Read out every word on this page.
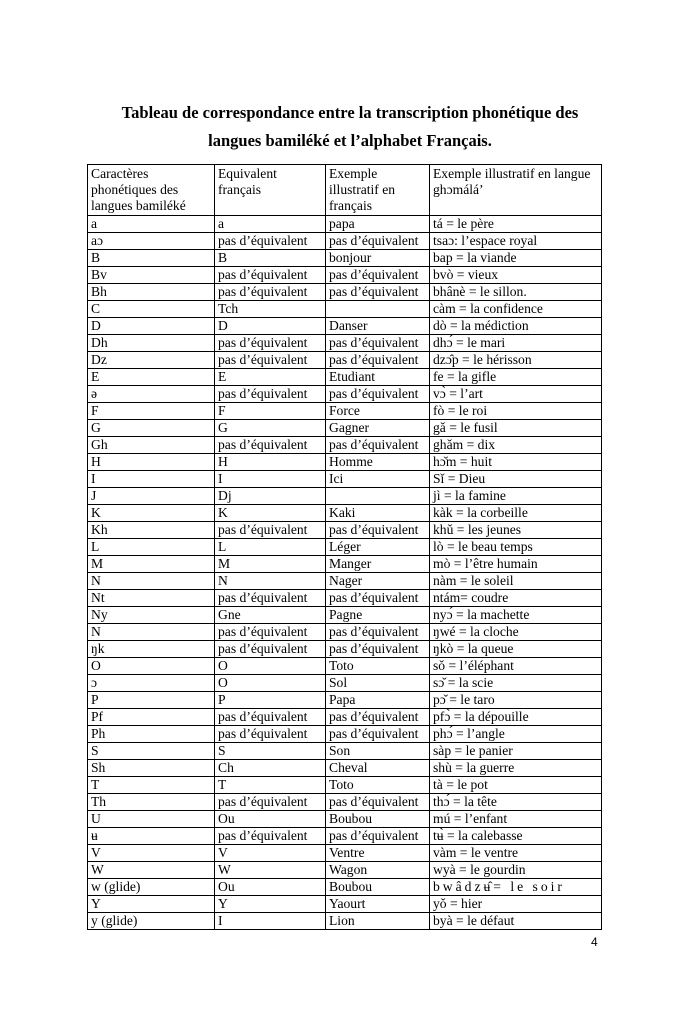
Tableau de correspondance entre la transcription phonétique des

langues bamiléké et l’alphabet Français.

Caractères phonétiques des langues bamiléké	Equivalent français	Exemple illustratif en français	Exemple illustratif en langue ghɔmálá’
a	a	papa	tá = le père
aɔ	pas d’équivalent	pas d’équivalent	tsaɔ: l’espace royal
B	B	bonjour	bap = la viande
Bv	pas d’équivalent	pas d’équivalent	bvò = vieux
Bh	pas d’équivalent	pas d’équivalent	bhânè = le sillon.
C	Tch		càm = la confidence
D	D	Danser	dò = la médiction
Dh	pas d’équivalent	pas d’équivalent	dhɔ́ = le mari
Dz	pas d’équivalent	pas d’équivalent	dzɔ̂p = le hérisson
E	E	Etudiant	fe = la gifle
ə	pas d’équivalent	pas d’équivalent	vɔ̀ = l’art
F	F	Force	fò = le roi
G	G	Gagner	gǎ = le fusil
Gh	pas d’équivalent	pas d’équivalent	ghǎm = dix
H	H	Homme	hɔ̌m = huit
I	I	Ici	Sǐ = Dieu
J	Dj		jì = la famine
K	K	Kaki	kàk = la corbeille
Kh	pas d’équivalent	pas d’équivalent	khǔ = les jeunes
L	L	Léger	lò = le beau temps
M	M	Manger	mò = l’être humain
N	N	Nager	nàm = le soleil
Nt	pas d’équivalent	pas d’équivalent	ntám= coudre
Ny	Gne	Pagne	nyɔ́ = la machette
N	pas d’équivalent	pas d’équivalent	ŋwé = la cloche
ŋk	pas d’équivalent	pas d’équivalent	ŋkò = la queue
O	O	Toto	sǒ = l’éléphant
ɔ	O	Sol	sɔ̌ = la scie
P	P	Papa	pɔ̌ = le taro
Pf	pas d’équivalent	pas d’équivalent	pfɔ̀ = la dépouille
Ph	pas d’équivalent	pas d’équivalent	phɔ́ = l’angle
S	S	Son	sàp = le panier
Sh	Ch	Cheval	shù = la guerre
T	T	Toto	tà = le pot
Th	pas d’équivalent	pas d’équivalent	thɔ́ = la tête
U	Ou	Boubou	mú = l’enfant
ʉ	pas d’équivalent	pas d’équivalent	tʉ̀ = la calebasse
V	V	Ventre	vàm = le ventre
W	W	Wagon	wyà = le gourdin
w (glide)	Ou	Boubou	bwâdzʉ̂= le soir
Y	Y	Yaourt	yǒ = hier
y (glide)	I	Lion	byà = le défaut
4
